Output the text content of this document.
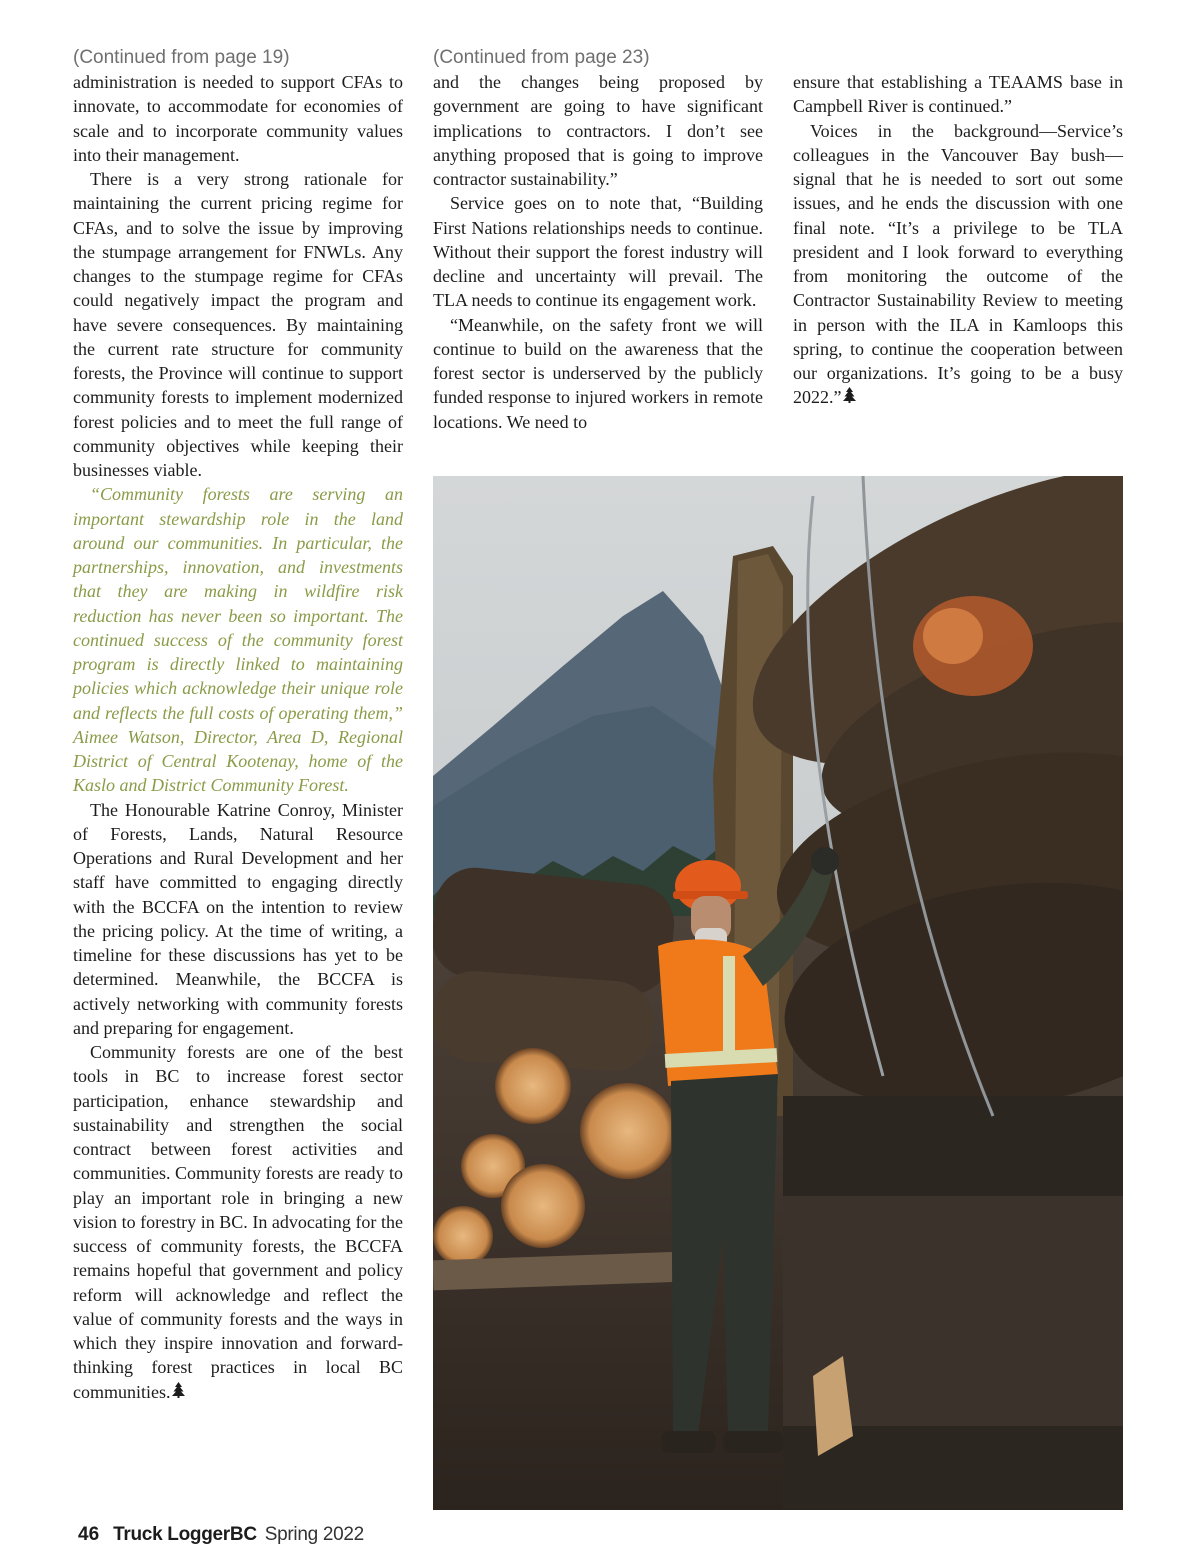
(Continued from page 19)

administration is needed to support CFAs to innovate, to accommodate for economies of scale and to incorporate community values into their management.

There is a very strong rationale for maintaining the current pricing regime for CFAs, and to solve the issue by improving the stumpage arrangement for FNWLs. Any changes to the stumpage regime for CFAs could negatively impact the program and have severe consequences. By maintaining the current rate structure for community forests, the Province will continue to support community forests to implement modernized forest policies and to meet the full range of community objectives while keeping their businesses viable.

“Community forests are serving an important stewardship role in the land around our communities. In particular, the partnerships, innovation, and investments that they are making in wildfire risk reduction has never been so important. The continued success of the community forest program is directly linked to maintaining policies which acknowledge their unique role and reflects the full costs of operating them,” Aimee Watson, Director, Area D, Regional District of Central Kootenay, home of the Kaslo and District Community Forest.

The Honourable Katrine Conroy, Minister of Forests, Lands, Natural Resource Operations and Rural Development and her staff have committed to engaging directly with the BCCFA on the intention to review the pricing policy. At the time of writing, a timeline for these discussions has yet to be determined. Meanwhile, the BCCFA is actively networking with community forests and preparing for engagement.

Community forests are one of the best tools in BC to increase forest sector participation, enhance stewardship and sustainability and strengthen the social contract between forest activities and communities. Community forests are ready to play an important role in bringing a new vision to forestry in BC. In advocating for the success of community forests, the BCCFA remains hopeful that government and policy reform will acknowledge and reflect the value of community forests and the ways in which they inspire innovation and forward-thinking forest practices in local BC communities.

(Continued from page 23)

and the changes being proposed by government are going to have significant implications to contractors. I don’t see anything proposed that is going to improve contractor sustainability.”

Service goes on to note that, “Building First Nations relationships needs to continue. Without their support the forest industry will decline and uncertainty will prevail. The TLA needs to continue its engagement work.

“Meanwhile, on the safety front we will continue to build on the awareness that the forest sector is underserved by the publicly funded response to injured workers in remote locations. We need to

ensure that establishing a TEAAMS base in Campbell River is continued.”

Voices in the background—Service’s colleagues in the Vancouver Bay bush—signal that he is needed to sort out some issues, and he ends the discussion with one final note. “It’s a privilege to be TLA president and I look forward to everything from monitoring the outcome of the Contractor Sustainability Review to meeting in person with the ILA in Kamloops this spring, to continue the cooperation between our organizations. It’s going to be a busy 2022.”

46 Truck LoggerBC Spring 2022
